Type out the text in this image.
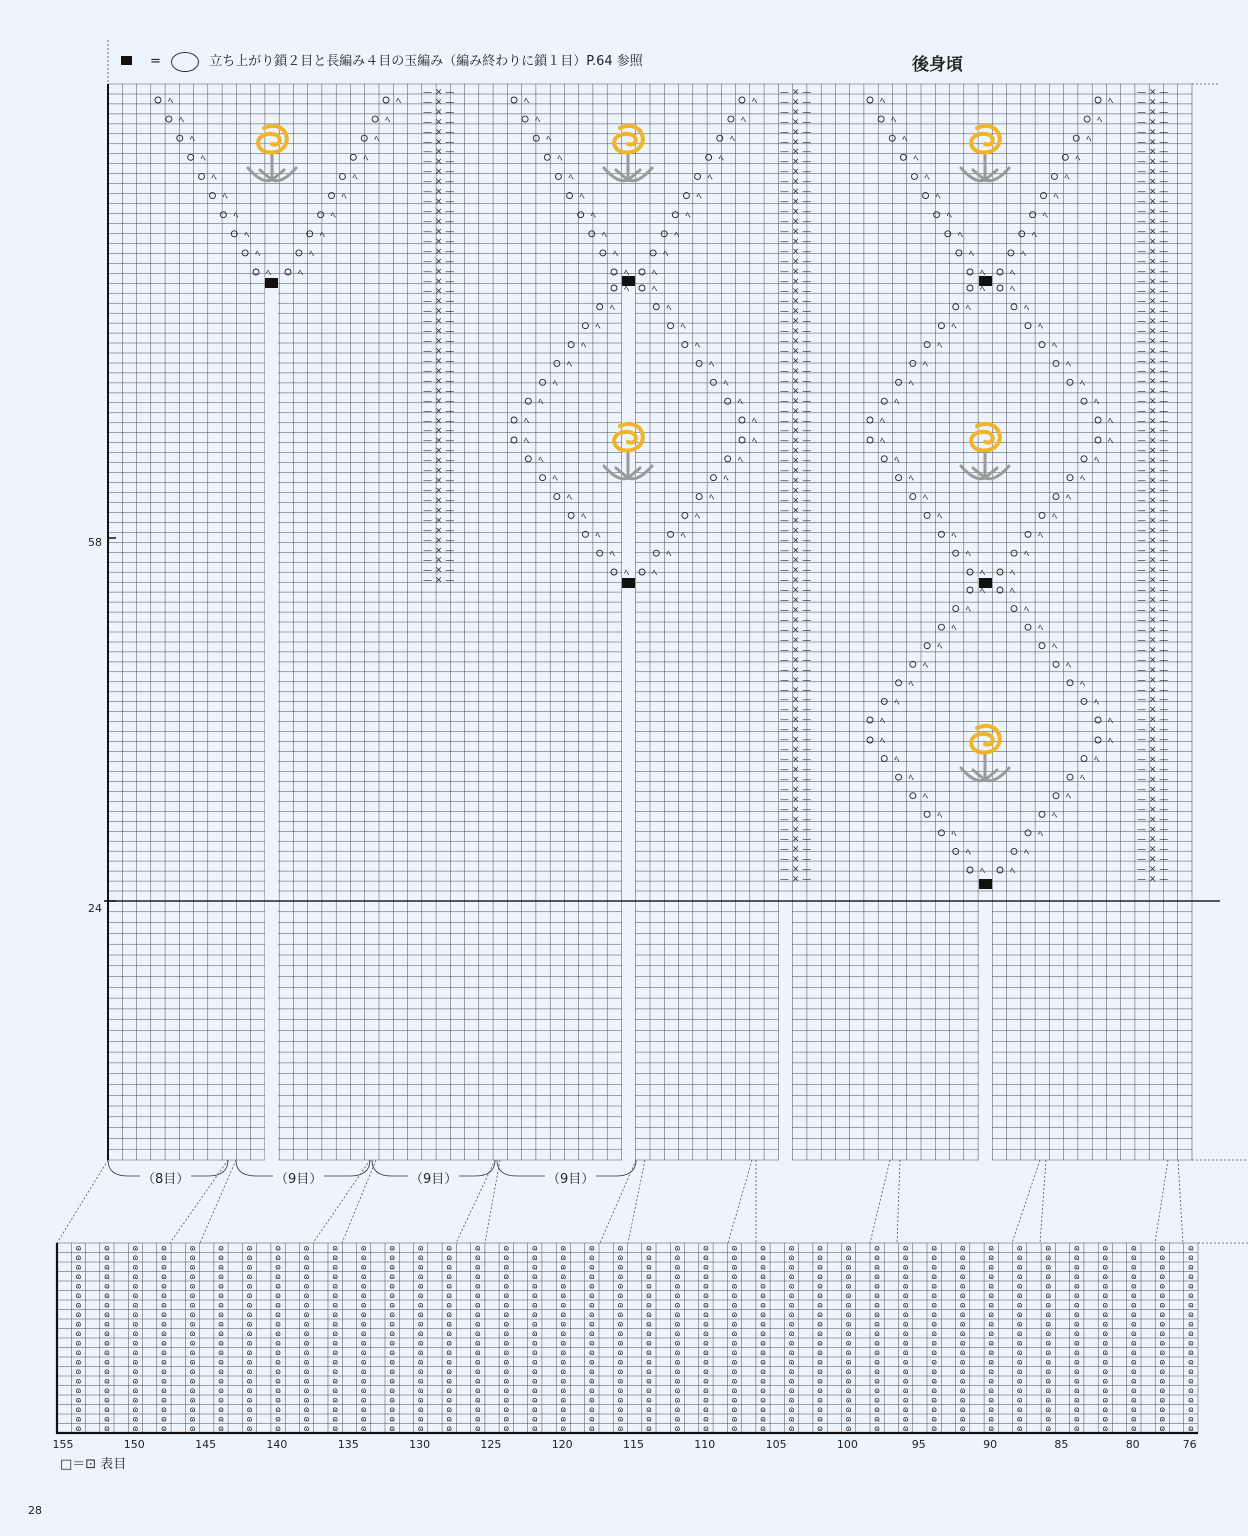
— ⨯ —
— ⨯ —
— ⨯ —
— ⨯ —
— ⨯ —
— ⨯ —
— ⨯ —
— ⨯ —
— ⨯ —
— ⨯ —
— ⨯ —
— ⨯ —
— ⨯ —
— ⨯ —
— ⨯ —
— ⨯ —
— ⨯ —
— ⨯ —
— ⨯ —
— ⨯ —
— ⨯ —
— ⨯ —
— ⨯ —
— ⨯ —
— ⨯ —
— ⨯ —
— ⨯ —
— ⨯ —
— ⨯ —
— ⨯ —
— ⨯ —
— ⨯ —
— ⨯ —
— ⨯ —
— ⨯ —
— ⨯ —
— ⨯ —
— ⨯ —
— ⨯ —
— ⨯ —
— ⨯ —
— ⨯ —
— ⨯ —
— ⨯ —
— ⨯ —
— ⨯ —
— ⨯ —
— ⨯ —
— ⨯ —
— ⨯ —
— ⨯ —
— ⨯ —
— ⨯ —
— ⨯ —
— ⨯ —
— ⨯ —
— ⨯ —
— ⨯ —
— ⨯ —
— ⨯ —
— ⨯ —
— ⨯ —
— ⨯ —
— ⨯ —
— ⨯ —
— ⨯ —
— ⨯ —
— ⨯ —
— ⨯ —
— ⨯ —
— ⨯ —
— ⨯ —
— ⨯ —
— ⨯ —
— ⨯ —
— ⨯ —
— ⨯ —
— ⨯ —
— ⨯ —
— ⨯ —
— ⨯ —
— ⨯ —
— ⨯ —
— ⨯ —
— ⨯ —
— ⨯ —
— ⨯ —
— ⨯ —
— ⨯ —
— ⨯ —
— ⨯ —
— ⨯ —
— ⨯ —
— ⨯ —
— ⨯ —
— ⨯ —
— ⨯ —
— ⨯ —
— ⨯ —
— ⨯ —
— ⨯ —
— ⨯ —
— ⨯ —
— ⨯ —
— ⨯ —
— ⨯ —
— ⨯ —
— ⨯ —
— ⨯ —
— ⨯ —
— ⨯ —
— ⨯ —
— ⨯ —
— ⨯ —
— ⨯ —
— ⨯ —
— ⨯ —
— ⨯ —
— ⨯ —
— ⨯ —
— ⨯ —
— ⨯ —
— ⨯ —
— ⨯ —
— ⨯ —
— ⨯ —
— ⨯ —
— ⨯ —
— ⨯ —
— ⨯ —
— ⨯ —
— ⨯ —
— ⨯ —
— ⨯ —
— ⨯ —
— ⨯ —
— ⨯ —
— ⨯ —
— ⨯ —
— ⨯ —
— ⨯ —
— ⨯ —
— ⨯ —
— ⨯ —
— ⨯ —
— ⨯ —
— ⨯ —
— ⨯ —
— ⨯ —
— ⨯ —
— ⨯ —
— ⨯ —
— ⨯ —
— ⨯ —
— ⨯ —
— ⨯ —
— ⨯ —
— ⨯ —
— ⨯ —
— ⨯ —
— ⨯ —
— ⨯ —
— ⨯ —
— ⨯ —
— ⨯ —
— ⨯ —
— ⨯ —
— ⨯ —
— ⨯ —
— ⨯ —
— ⨯ —
— ⨯ —
— ⨯ —
— ⨯ —
— ⨯ —
— ⨯ —
— ⨯ —
— ⨯ —
— ⨯ —
— ⨯ —
— ⨯ —
— ⨯ —
— ⨯ —
— ⨯ —
— ⨯ —
— ⨯ —
— ⨯ —
— ⨯ —
— ⨯ —
— ⨯ —
— ⨯ —
— ⨯ —
— ⨯ —
— ⨯ —
— ⨯ —
— ⨯ —
— ⨯ —
— ⨯ —
— ⨯ —
— ⨯ —
— ⨯ —
— ⨯ —
— ⨯ —
— ⨯ —
— ⨯ —
— ⨯ —
— ⨯ —
— ⨯ —
— ⨯ —
— ⨯ —
ﾍ
ﾍ
ﾍ
ﾍ
ﾍ
ﾍ
ﾍ
ﾍ
ﾍ
ﾍ
ﾍ
ﾍ
ﾍ
ﾍ
ﾍ
ﾍ
ﾍ
ﾍ
ﾍ
ﾍ
ﾍ
ﾍ
ﾍ
ﾍ
ﾍ
ﾍ
ﾍ
ﾍ
ﾍ
ﾍ
ﾍ
ﾍ
ﾍ
ﾍ
ﾍ
ﾍ
ﾍ
ﾍ
ﾍ
ﾍ
ﾍ
ﾍ
ﾍ
ﾍ
ﾍ
ﾍ
ﾍ
ﾍ
ﾍ
ﾍ
ﾍ
ﾍ
ﾍ
ﾍ
ﾍ
ﾍ
ﾍ
ﾍ
ﾍ
ﾍ
ﾍ
ﾍ
ﾍ
ﾍ
ﾍ
ﾍ
ﾍ
ﾍ
ﾍ
ﾍ
ﾍ
ﾍ
ﾍ
ﾍ
ﾍ
ﾍ
ﾍ
ﾍ
ﾍ
ﾍ
ﾍ
ﾍ
ﾍ
ﾍ
ﾍ
ﾍ
ﾍ
ﾍ
ﾍ
ﾍ
ﾍ
ﾍ
ﾍ
ﾍ
ﾍ
ﾍ
ﾍ
ﾍ
ﾍ
ﾍ
ﾍ
ﾍ
ﾍ
ﾍ
ﾍ
ﾍ
ﾍ
ﾍ
ﾍ
ﾍ
ﾍ
ﾍ
ﾍ
ﾍ
ﾍ
ﾍ
ﾍ
ﾍ
ﾍ
ﾍ
ﾍ
ﾍ
ﾍ
ﾍ
ﾍ
ﾍ
ﾍ
ﾍ
ﾍ
ﾍ
ﾍ
ﾍ
ﾍ
ﾍ
ﾍ
ﾍ
ﾍ
ﾍ
ﾍ
ﾍ
ﾍ
ﾍ
ﾍ
ﾍ
ﾍ
ﾍ
ﾍ
ﾍ
ﾍ
ﾍ
ﾍ
ﾍ
ﾍ
ﾍ
ﾍ
ﾍ
ɷ	ɷ	ɷ	ɷ	ɷ	ɷ	ɷ	ɷ	ɷ	ɷ	ɷ	ɷ	ɷ	ɷ	ɷ	ɷ	ɷ	ɷ	ɷ	ɷ	ɷ	ɷ	ɷ	ɷ	ɷ	ɷ	ɷ	ɷ	ɷ	ɷ	ɷ	ɷ	ɷ	ɷ	ɷ	ɷ	ɷ	ɷ	ɷ	ɷ
ɷ	ɷ	ɷ	ɷ	ɷ	ɷ	ɷ	ɷ	ɷ	ɷ	ɷ	ɷ	ɷ	ɷ	ɷ	ɷ	ɷ	ɷ	ɷ	ɷ	ɷ	ɷ	ɷ	ɷ	ɷ	ɷ	ɷ	ɷ	ɷ	ɷ	ɷ	ɷ	ɷ	ɷ	ɷ	ɷ	ɷ	ɷ	ɷ	ɷ
ɷ	ɷ	ɷ	ɷ	ɷ	ɷ	ɷ	ɷ	ɷ	ɷ	ɷ	ɷ	ɷ	ɷ	ɷ	ɷ	ɷ	ɷ	ɷ	ɷ	ɷ	ɷ	ɷ	ɷ	ɷ	ɷ	ɷ	ɷ	ɷ	ɷ	ɷ	ɷ	ɷ	ɷ	ɷ	ɷ	ɷ	ɷ	ɷ	ɷ
ɷ	ɷ	ɷ	ɷ	ɷ	ɷ	ɷ	ɷ	ɷ	ɷ	ɷ	ɷ	ɷ	ɷ	ɷ	ɷ	ɷ	ɷ	ɷ	ɷ	ɷ	ɷ	ɷ	ɷ	ɷ	ɷ	ɷ	ɷ	ɷ	ɷ	ɷ	ɷ	ɷ	ɷ	ɷ	ɷ	ɷ	ɷ	ɷ	ɷ
ɷ	ɷ	ɷ	ɷ	ɷ	ɷ	ɷ	ɷ	ɷ	ɷ	ɷ	ɷ	ɷ	ɷ	ɷ	ɷ	ɷ	ɷ	ɷ	ɷ	ɷ	ɷ	ɷ	ɷ	ɷ	ɷ	ɷ	ɷ	ɷ	ɷ	ɷ	ɷ	ɷ	ɷ	ɷ	ɷ	ɷ	ɷ	ɷ	ɷ
ɷ	ɷ	ɷ	ɷ	ɷ	ɷ	ɷ	ɷ	ɷ	ɷ	ɷ	ɷ	ɷ	ɷ	ɷ	ɷ	ɷ	ɷ	ɷ	ɷ	ɷ	ɷ	ɷ	ɷ	ɷ	ɷ	ɷ	ɷ	ɷ	ɷ	ɷ	ɷ	ɷ	ɷ	ɷ	ɷ	ɷ	ɷ	ɷ	ɷ
ɷ	ɷ	ɷ	ɷ	ɷ	ɷ	ɷ	ɷ	ɷ	ɷ	ɷ	ɷ	ɷ	ɷ	ɷ	ɷ	ɷ	ɷ	ɷ	ɷ	ɷ	ɷ	ɷ	ɷ	ɷ	ɷ	ɷ	ɷ	ɷ	ɷ	ɷ	ɷ	ɷ	ɷ	ɷ	ɷ	ɷ	ɷ	ɷ	ɷ
ɷ	ɷ	ɷ	ɷ	ɷ	ɷ	ɷ	ɷ	ɷ	ɷ	ɷ	ɷ	ɷ	ɷ	ɷ	ɷ	ɷ	ɷ	ɷ	ɷ	ɷ	ɷ	ɷ	ɷ	ɷ	ɷ	ɷ	ɷ	ɷ	ɷ	ɷ	ɷ	ɷ	ɷ	ɷ	ɷ	ɷ	ɷ	ɷ	ɷ
ɷ	ɷ	ɷ	ɷ	ɷ	ɷ	ɷ	ɷ	ɷ	ɷ	ɷ	ɷ	ɷ	ɷ	ɷ	ɷ	ɷ	ɷ	ɷ	ɷ	ɷ	ɷ	ɷ	ɷ	ɷ	ɷ	ɷ	ɷ	ɷ	ɷ	ɷ	ɷ	ɷ	ɷ	ɷ	ɷ	ɷ	ɷ	ɷ	ɷ
ɷ	ɷ	ɷ	ɷ	ɷ	ɷ	ɷ	ɷ	ɷ	ɷ	ɷ	ɷ	ɷ	ɷ	ɷ	ɷ	ɷ	ɷ	ɷ	ɷ	ɷ	ɷ	ɷ	ɷ	ɷ	ɷ	ɷ	ɷ	ɷ	ɷ	ɷ	ɷ	ɷ	ɷ	ɷ	ɷ	ɷ	ɷ	ɷ	ɷ
ɷ	ɷ	ɷ	ɷ	ɷ	ɷ	ɷ	ɷ	ɷ	ɷ	ɷ	ɷ	ɷ	ɷ	ɷ	ɷ	ɷ	ɷ	ɷ	ɷ	ɷ	ɷ	ɷ	ɷ	ɷ	ɷ	ɷ	ɷ	ɷ	ɷ	ɷ	ɷ	ɷ	ɷ	ɷ	ɷ	ɷ	ɷ	ɷ	ɷ
ɷ	ɷ	ɷ	ɷ	ɷ	ɷ	ɷ	ɷ	ɷ	ɷ	ɷ	ɷ	ɷ	ɷ	ɷ	ɷ	ɷ	ɷ	ɷ	ɷ	ɷ	ɷ	ɷ	ɷ	ɷ	ɷ	ɷ	ɷ	ɷ	ɷ	ɷ	ɷ	ɷ	ɷ	ɷ	ɷ	ɷ	ɷ	ɷ	ɷ
ɷ	ɷ	ɷ	ɷ	ɷ	ɷ	ɷ	ɷ	ɷ	ɷ	ɷ	ɷ	ɷ	ɷ	ɷ	ɷ	ɷ	ɷ	ɷ	ɷ	ɷ	ɷ	ɷ	ɷ	ɷ	ɷ	ɷ	ɷ	ɷ	ɷ	ɷ	ɷ	ɷ	ɷ	ɷ	ɷ	ɷ	ɷ	ɷ	ɷ
ɷ	ɷ	ɷ	ɷ	ɷ	ɷ	ɷ	ɷ	ɷ	ɷ	ɷ	ɷ	ɷ	ɷ	ɷ	ɷ	ɷ	ɷ	ɷ	ɷ	ɷ	ɷ	ɷ	ɷ	ɷ	ɷ	ɷ	ɷ	ɷ	ɷ	ɷ	ɷ	ɷ	ɷ	ɷ	ɷ	ɷ	ɷ	ɷ	ɷ
ɷ	ɷ	ɷ	ɷ	ɷ	ɷ	ɷ	ɷ	ɷ	ɷ	ɷ	ɷ	ɷ	ɷ	ɷ	ɷ	ɷ	ɷ	ɷ	ɷ	ɷ	ɷ	ɷ	ɷ	ɷ	ɷ	ɷ	ɷ	ɷ	ɷ	ɷ	ɷ	ɷ	ɷ	ɷ	ɷ	ɷ	ɷ	ɷ	ɷ
ɷ	ɷ	ɷ	ɷ	ɷ	ɷ	ɷ	ɷ	ɷ	ɷ	ɷ	ɷ	ɷ	ɷ	ɷ	ɷ	ɷ	ɷ	ɷ	ɷ	ɷ	ɷ	ɷ	ɷ	ɷ	ɷ	ɷ	ɷ	ɷ	ɷ	ɷ	ɷ	ɷ	ɷ	ɷ	ɷ	ɷ	ɷ	ɷ	ɷ
ɷ	ɷ	ɷ	ɷ	ɷ	ɷ	ɷ	ɷ	ɷ	ɷ	ɷ	ɷ	ɷ	ɷ	ɷ	ɷ	ɷ	ɷ	ɷ	ɷ	ɷ	ɷ	ɷ	ɷ	ɷ	ɷ	ɷ	ɷ	ɷ	ɷ	ɷ	ɷ	ɷ	ɷ	ɷ	ɷ	ɷ	ɷ	ɷ	ɷ
ɷ	ɷ	ɷ	ɷ	ɷ	ɷ	ɷ	ɷ	ɷ	ɷ	ɷ	ɷ	ɷ	ɷ	ɷ	ɷ	ɷ	ɷ	ɷ	ɷ	ɷ	ɷ	ɷ	ɷ	ɷ	ɷ	ɷ	ɷ	ɷ	ɷ	ɷ	ɷ	ɷ	ɷ	ɷ	ɷ	ɷ	ɷ	ɷ	ɷ
ɷ	ɷ	ɷ	ɷ	ɷ	ɷ	ɷ	ɷ	ɷ	ɷ	ɷ	ɷ	ɷ	ɷ	ɷ	ɷ	ɷ	ɷ	ɷ	ɷ	ɷ	ɷ	ɷ	ɷ	ɷ	ɷ	ɷ	ɷ	ɷ	ɷ	ɷ	ɷ	ɷ	ɷ	ɷ	ɷ	ɷ	ɷ	ɷ	ɷ
ɷ	ɷ	ɷ	ɷ	ɷ	ɷ	ɷ	ɷ	ɷ	ɷ	ɷ	ɷ	ɷ	ɷ	ɷ	ɷ	ɷ	ɷ	ɷ	ɷ	ɷ	ɷ	ɷ	ɷ	ɷ	ɷ	ɷ	ɷ	ɷ	ɷ	ɷ	ɷ	ɷ	ɷ	ɷ	ɷ	ɷ	ɷ	ɷ	ɷ
=	立ち上がり鎖２目と長編み４目の玉編み（編み終わりに鎖１目）P.64 参照	後身頃
58
24
（8目）	（9目）	（9目）	（9目）
155	150	145	140	135	130	125	120	115	110	105	100	95	90	85	80	76
□＝⊡ 表目
28
